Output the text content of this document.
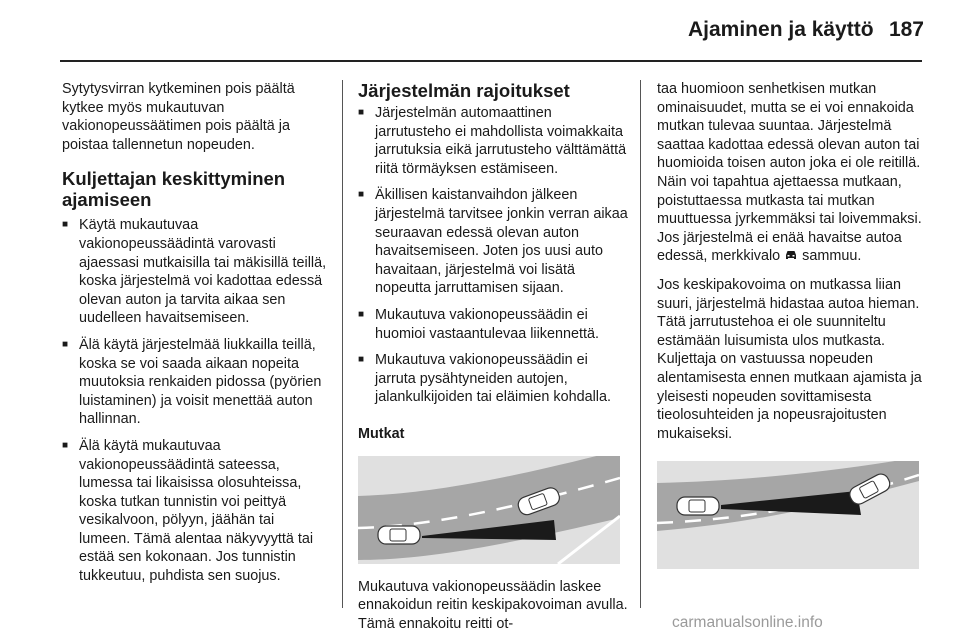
Ajaminen ja käyttö 187

Sytytysvirran kytkeminen pois päältä kytkee myös mukautuvan vakionopeussäätimen pois päältä ja poistaa tallennetun nopeuden.

Kuljettajan keskittyminen ajamiseen
■ Käytä mukautuvaa vakionopeussäädintä varovasti ajaessasi mutkaisilla tai mäkisillä teillä, koska järjestelmä voi kadottaa edessä olevan auton ja tarvita aikaa sen uudelleen havaitsemiseen.
■ Älä käytä järjestelmää liukkailla teillä, koska se voi saada aikaan nopeita muutoksia renkaiden pidossa (pyörien luistaminen) ja voisit menettää auton hallinnan.
■ Älä käytä mukautuvaa vakionopeussäädintä sateessa, lumessa tai likaisissa olosuhteissa, koska tutkan tunnistin voi peittyä vesikalvoon, pölyyn, jäähän tai lumeen. Tämä alentaa näkyvyyttä tai estää sen kokonaan. Jos tunnistin tukkeutuu, puhdista sen suojus.
Järjestelmän rajoitukset
■ Järjestelmän automaattinen jarrutusteho ei mahdollista voimakkaita jarrutuksia eikä jarrutusteho välttämättä riitä törmäyksen estämiseen.
■ Äkillisen kaistanvaihdon jälkeen järjestelmä tarvitsee jonkin verran aikaa seuraavan edessä olevan auton havaitsemiseen. Joten jos uusi auto havaitaan, järjestelmä voi lisätä nopeutta jarruttamisen sijaan.
■ Mukautuva vakionopeussäädin ei huomioi vastaantulevaa liikennettä.
■ Mukautuva vakionopeussäädin ei jarruta pysähtyneiden autojen, jalankulkijoiden tai eläimien kohdalla.
Mutkat

Mukautuva vakionopeussäädin laskee ennakoidun reitin keskipakovoiman avulla. Tämä ennakoitu reitti ot-

taa huomioon senhetkisen mutkan ominaisuudet, mutta se ei voi ennakoida mutkan tulevaa suuntaa. Järjestelmä saattaa kadottaa edessä olevan auton tai huomioida toisen auton joka ei ole reitillä. Näin voi tapahtua ajettaessa mutkaan, poistuttaessa mutkasta tai mutkan muuttuessa jyrkemmäksi tai loivemmaksi. Jos järjestelmä ei enää havaitse autoa edessä, merkkivalo sammuu.

Jos keskipakovoima on mutkassa liian suuri, järjestelmä hidastaa autoa hieman. Tätä jarrutustehoa ei ole suunniteltu estämään luisumista ulos mutkasta. Kuljettaja on vastuussa nopeuden alentamisesta ennen mutkaan ajamista ja yleisesti nopeuden sovittamisesta tieolosuhteiden ja nopeusrajoitusten mukaiseksi.

carmanualsonline.info
